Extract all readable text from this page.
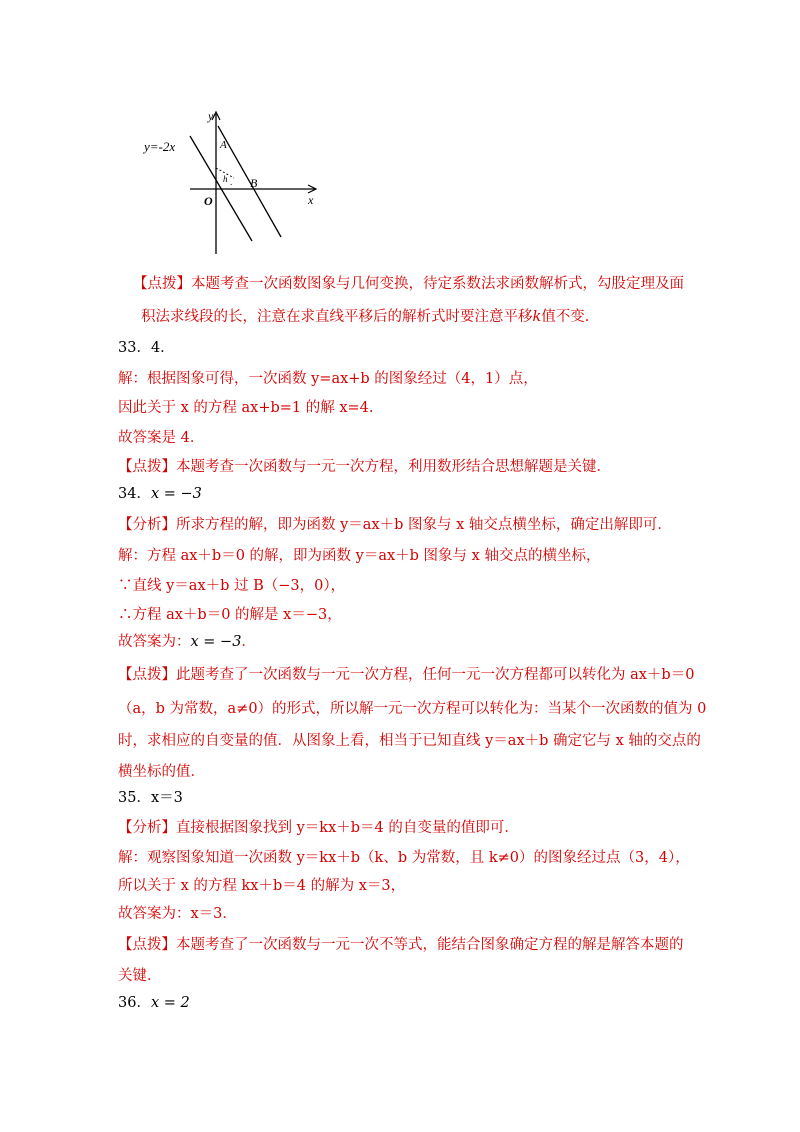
y=-2x
y
x
O
A
B
h .
【点拨】本题考查一次函数图象与几何变换，待定系数法求函数解析式，勾股定理及面
积法求线段的长，注意在求直线平移后的解析式时要注意平移k值不变.
33．4．
解：根据图象可得，一次函数 y=ax+b 的图象经过（4，1）点，
因此关于 x 的方程 ax+b=1 的解 x=4.
故答案是 4．
【点拨】本题考查一次函数与一元一次方程，利用数形结合思想解题是关键．
34．x = −3
【分析】所求方程的解，即为函数 y＝ax＋b 图象与 x 轴交点横坐标，确定出解即可．
解：方程 ax＋b＝0 的解，即为函数 y＝ax＋b 图象与 x 轴交点的横坐标，
∵直线 y＝ax＋b 过 B（−3，0），
∴方程 ax＋b＝0 的解是 x＝−3，
故答案为：x = −3．
【点拨】此题考查了一次函数与一元一次方程，任何一元一次方程都可以转化为 ax＋b＝0
（a，b 为常数，a≠0）的形式，所以解一元一次方程可以转化为：当某个一次函数的值为 0
时，求相应的自变量的值．从图象上看，相当于已知直线 y＝ax＋b 确定它与 x 轴的交点的
横坐标的值．
35．x＝3
【分析】直接根据图象找到 y＝kx＋b＝4 的自变量的值即可．
解：观察图象知道一次函数 y＝kx＋b（k、b 为常数，且 k≠0）的图象经过点（3，4），
所以关于 x 的方程 kx＋b＝4 的解为 x＝3，
故答案为：x＝3．
【点拨】本题考查了一次函数与一元一次不等式，能结合图象确定方程的解是解答本题的
关键．
36．x = 2
